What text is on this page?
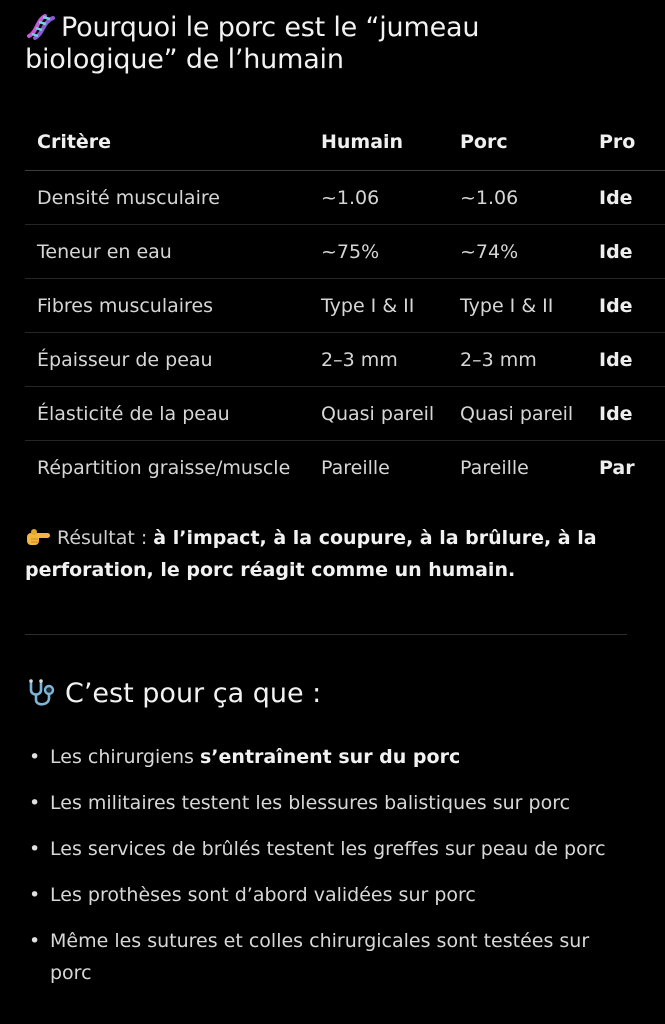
Pourquoi le porc est le “jumeau biologique” de l’humain
Critère	Humain	Porc	Pro
Densité musculaire	~1.06	~1.06	Ide
Teneur en eau	~75%	~74%	Ide
Fibres musculaires	Type I & II	Type I & II	Ide
Épaisseur de peau	2–3 mm	2–3 mm	Ide
Élasticité de la peau	Quasi pareil	Quasi pareil	Ide
Répartition graisse/muscle	Pareille	Pareille	Par

Résultat : à l’impact, à la coupure, à la brûlure, à la perforation, le porc réagit comme un humain.

C’est pour ça que :
• Les chirurgiens s’entraînent sur du porc
• Les militaires testent les blessures balistiques sur porc
• Les services de brûlés testent les greffes sur peau de porc
• Les prothèses sont d’abord validées sur porc
• Même les sutures et colles chirurgicales sont testées sur porc
